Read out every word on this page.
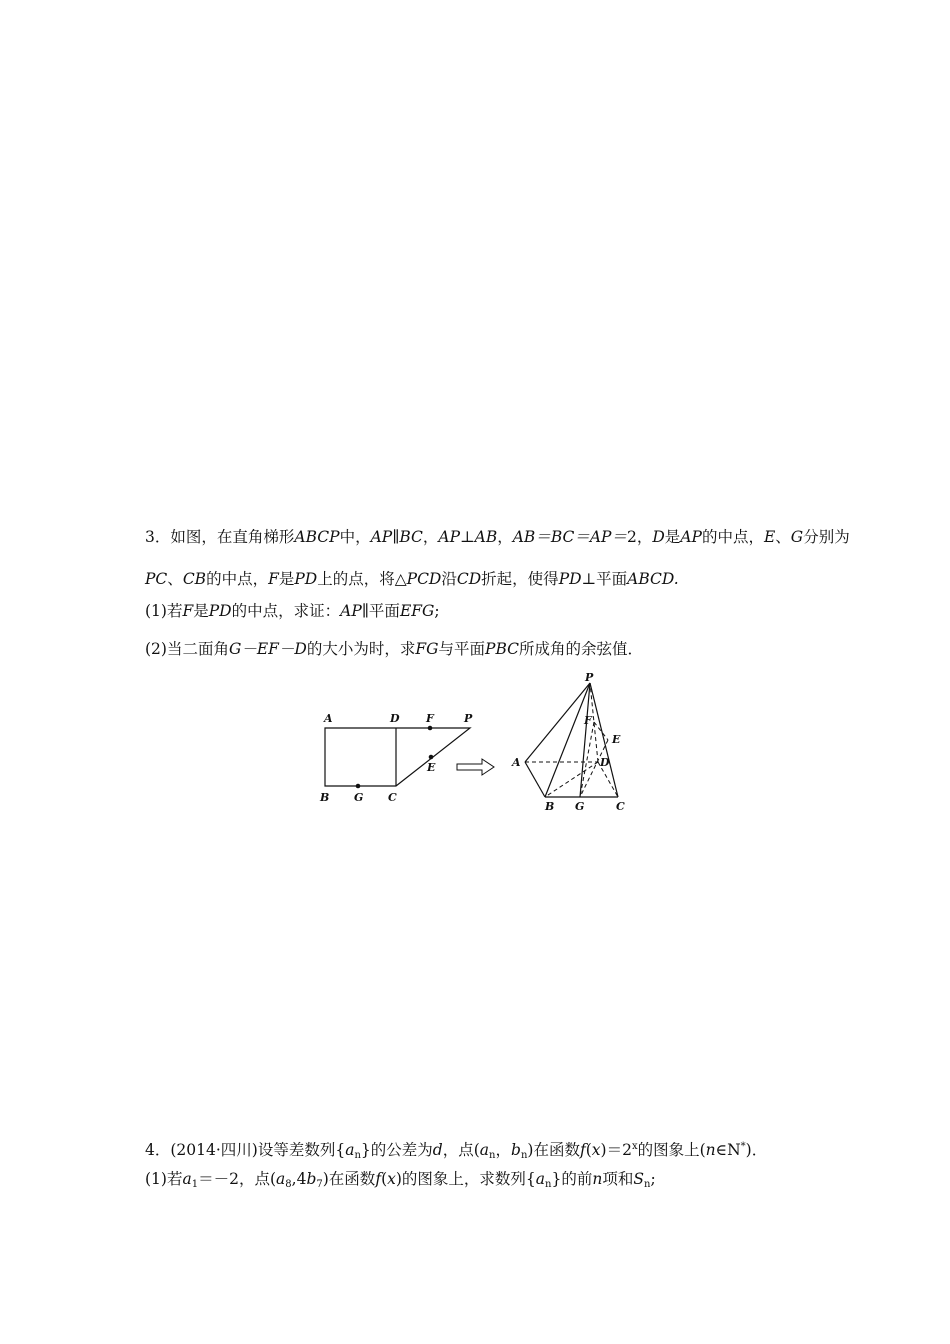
3．如图，在直角梯形ABCP中，AP∥BC，AP⊥AB，AB＝BC＝AP＝2，D是AP的中点，E、G分别为
PC、CB的中点，F是PD上的点，将△PCD沿CD折起，使得PD⊥平面ABCD.
(1)若F是PD的中点，求证：AP∥平面EFG;
(2)当二面角G－EF－D的大小为时，求FG与平面PBC所成角的余弦值．
A	D F	P
E
B G C
P
F
E
A	D
B G	C
4．(2014·四川)设等差数列$\{a_n\}$的公差为d，点($a_n$，$b_n$)在函数$f(x)=2^x$的图象上(n∈N*)．
(1)若$a_1=-2$，点$(a_8,4b_7)$在函数f(x)的图象上，求数列$\{a_n\}$的前n项和$S_n$;
